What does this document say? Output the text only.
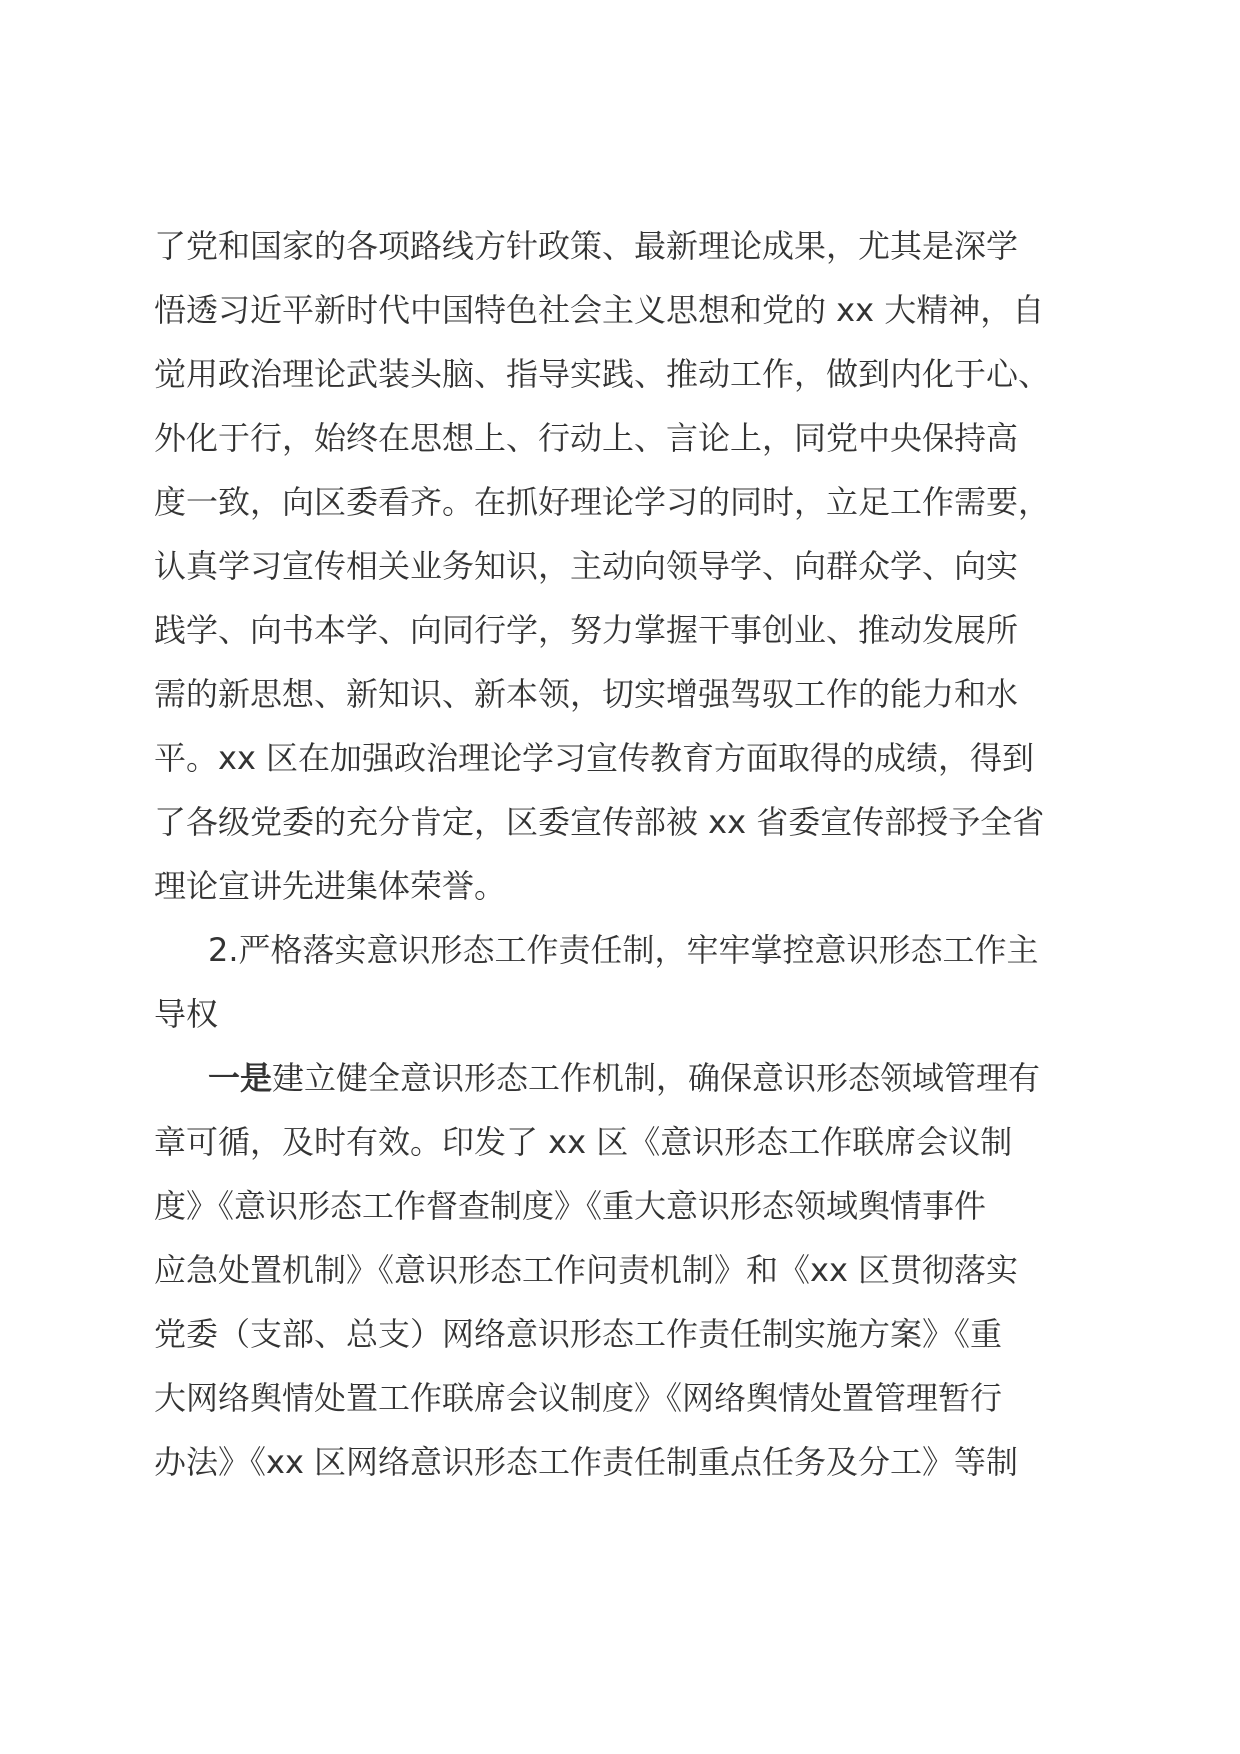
了党和国家的各项路线方针政策、最新理论成果，尤其是深学

悟透习近平新时代中国特色社会主义思想和党的 xx 大精神，自

觉用政治理论武装头脑、指导实践、推动工作，做到内化于心、

外化于行，始终在思想上、行动上、言论上，同党中央保持高

度一致，向区委看齐。在抓好理论学习的同时，立足工作需要，

认真学习宣传相关业务知识，主动向领导学、向群众学、向实

践学、向书本学、向同行学，努力掌握干事创业、推动发展所

需的新思想、新知识、新本领，切实增强驾驭工作的能力和水

平。xx 区在加强政治理论学习宣传教育方面取得的成绩，得到

了各级党委的充分肯定，区委宣传部被 xx 省委宣传部授予全省

理论宣讲先进集体荣誉。

2.严格落实意识形态工作责任制，牢牢掌控意识形态工作主

导权

一是建立健全意识形态工作机制，确保意识形态领域管理有

章可循，及时有效。印发了 xx 区《意识形态工作联席会议制

度》《意识形态工作督查制度》《重大意识形态领域舆情事件

应急处置机制》《意识形态工作问责机制》和《xx 区贯彻落实

党委（支部、总支）网络意识形态工作责任制实施方案》《重

大网络舆情处置工作联席会议制度》《网络舆情处置管理暂行

办法》《xx 区网络意识形态工作责任制重点任务及分工》等制
